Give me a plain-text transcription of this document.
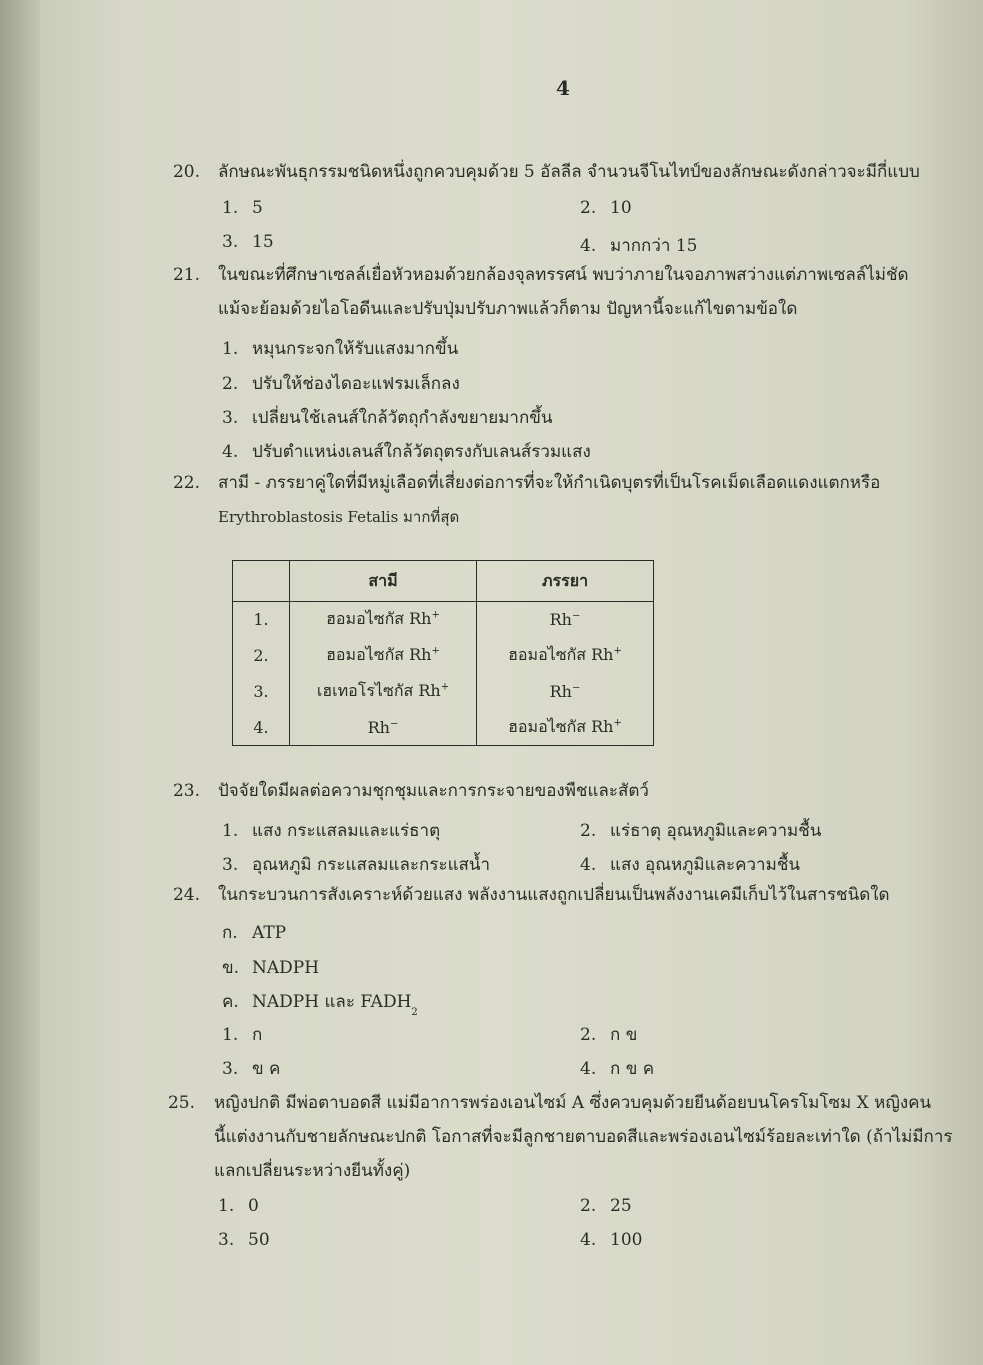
4
20. ลักษณะพันธุกรรมชนิดหนึ่งถูกควบคุมด้วย 5 อัลลีล จำนวนจีโนไทป์ของลักษณะดังกล่าวจะมีกี่แบบ
1. 5	2. 10
3. 15	4. มากกว่า 15
21. ในขณะที่ศึกษาเซลล์เยื่อหัวหอมด้วยกล้องจุลทรรศน์ พบว่าภายในจอภาพสว่างแต่ภาพเซลล์ไม่ชัด
แม้จะย้อมด้วยไอโอดีนและปรับปุ่มปรับภาพแล้วก็ตาม ปัญหานี้จะแก้ไขตามข้อใด
1. หมุนกระจกให้รับแสงมากขึ้น
2. ปรับให้ช่องไดอะแฟรมเล็กลง
3. เปลี่ยนใช้เลนส์ใกล้วัตถุกำลังขยายมากขึ้น
4. ปรับตำแหน่งเลนส์ใกล้วัตถุตรงกับเลนส์รวมแสง
22. สามี - ภรรยาคู่ใดที่มีหมู่เลือดที่เสี่ยงต่อการที่จะให้กำเนิดบุตรที่เป็นโรคเม็ดเลือดแดงแตกหรือ
Erythroblastosis Fetalis มากที่สุด
	สามี	ภรรยา
1.	ฮอมอไซกัส Rh+	Rh−
2.	ฮอมอไซกัส Rh+	ฮอมอไซกัส Rh+
3.	เฮเทอโรไซกัส Rh+	Rh−
4.	Rh−	ฮอมอไซกัส Rh+
23. ปัจจัยใดมีผลต่อความชุกชุมและการกระจายของพืชและสัตว์
1. แสง กระแสลมและแร่ธาตุ	2. แร่ธาตุ อุณหภูมิและความชื้น
3. อุณหภูมิ กระแสลมและกระแสน้ำ	4. แสง อุณหภูมิและความชื้น
24. ในกระบวนการสังเคราะห์ด้วยแสง พลังงานแสงถูกเปลี่ยนเป็นพลังงานเคมีเก็บไว้ในสารชนิดใด
ก. ATP
ข. NADPH
ค. NADPH และ $FADH_2$
1. ก	2. ก ข
3. ข ค	4. ก ข ค
25. หญิงปกติ มีพ่อตาบอดสี แม่มีอาการพร่องเอนไซม์ A ซึ่งควบคุมด้วยยีนด้อยบนโครโมโซม X หญิงคน
นี้แต่งงานกับชายลักษณะปกติ โอกาสที่จะมีลูกชายตาบอดสีและพร่องเอนไซม์ร้อยละเท่าใด (ถ้าไม่มีการ
แลกเปลี่ยนระหว่างยีนทั้งคู่)
1. 0	2. 25
3. 50	4. 100
